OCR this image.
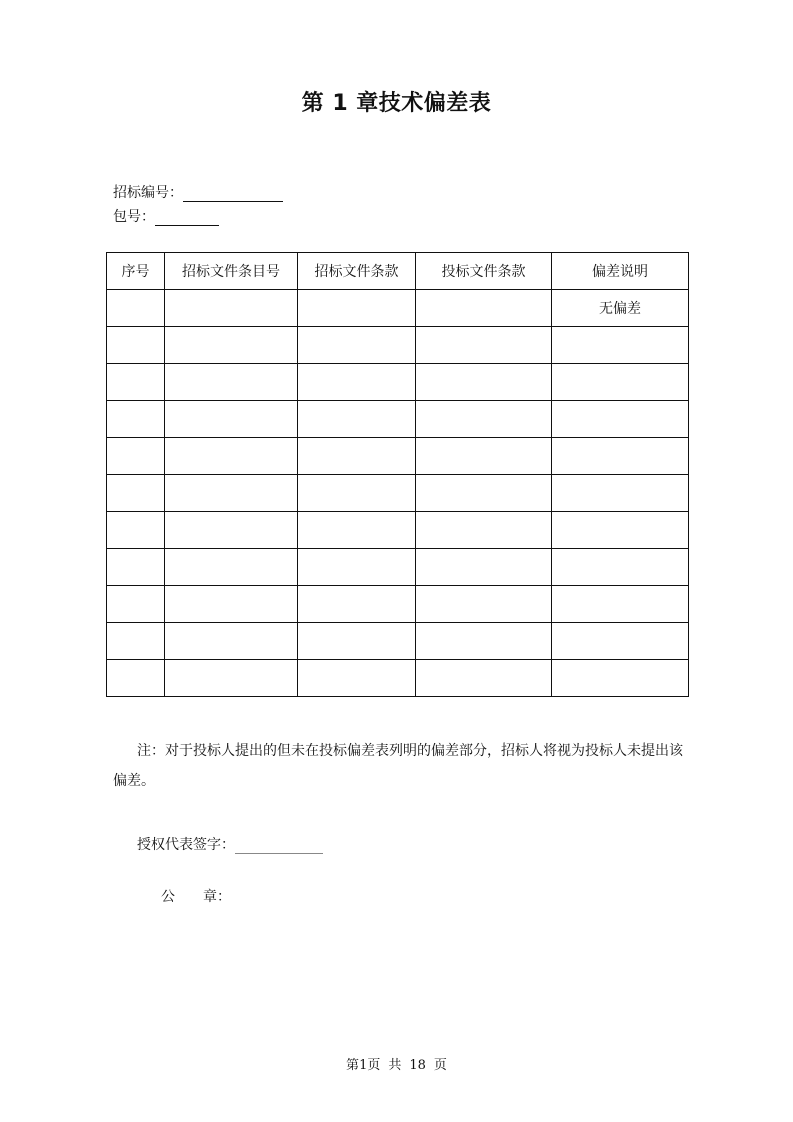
第 1 章技术偏差表
招标编号：
包号：
序号	招标文件条目号	招标文件条款	投标文件条款	偏差说明
				无偏差

注：对于投标人提出的但未在投标偏差表列明的偏差部分，招标人将视为投标人未提出该偏差。
授权代表签字：
公　　章：
第1页 共 18 页
